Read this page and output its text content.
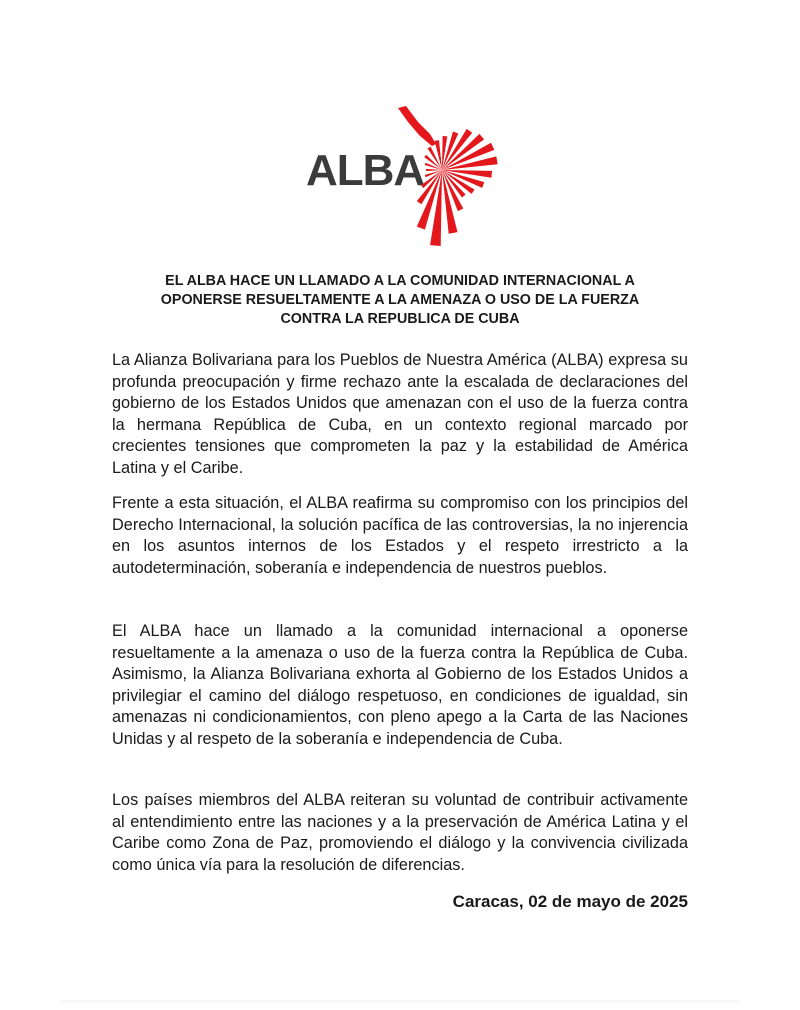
ALBA
EL ALBA HACE UN LLAMADO A LA COMUNIDAD INTERNACIONAL A
OPONERSE RESUELTAMENTE A LA AMENAZA O USO DE LA FUERZA
CONTRA LA REPUBLICA DE CUBA

La Alianza Bolivariana para los Pueblos de Nuestra América (ALBA) expresa su profunda preocupación y firme rechazo ante la escalada de declaraciones del gobierno de los Estados Unidos que amenazan con el uso de la fuerza contra la hermana República de Cuba, en un contexto regional marcado por crecientes tensiones que comprometen la paz y la estabilidad de América Latina y el Caribe.

Frente a esta situación, el ALBA reafirma su compromiso con los principios del Derecho Internacional, la solución pacífica de las controversias, la no injerencia en los asuntos internos de los Estados y el respeto irrestricto a la autodeterminación, soberanía e independencia de nuestros pueblos.

El ALBA hace un llamado a la comunidad internacional a oponerse resueltamente a la amenaza o uso de la fuerza contra la República de Cuba. Asimismo, la Alianza Bolivariana exhorta al Gobierno de los Estados Unidos a privilegiar el camino del diálogo respetuoso, en condiciones de igualdad, sin amenazas ni condicionamientos, con pleno apego a la Carta de las Naciones Unidas y al respeto de la soberanía e independencia de Cuba.

Los países miembros del ALBA reiteran su voluntad de contribuir activamente al entendimiento entre las naciones y a la preservación de América Latina y el Caribe como Zona de Paz, promoviendo el diálogo y la convivencia civilizada como única vía para la resolución de diferencias.

Caracas, 02 de mayo de 2025
